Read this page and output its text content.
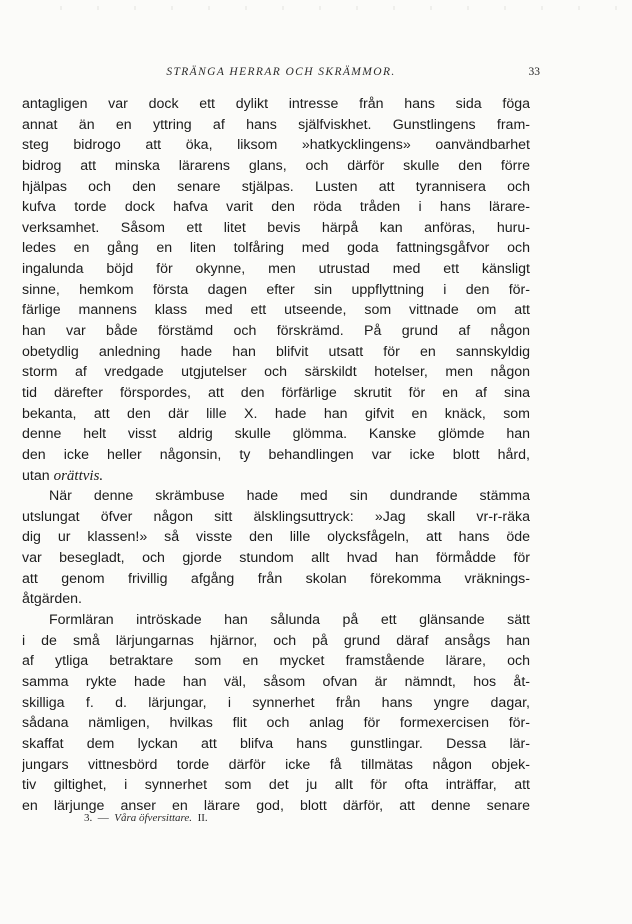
STRÄNGA HERRAR OCH SKRÄMMOR.	33
antagligen var dock ett dylikt intresse från hans sida föga
annat än en yttring af hans själfviskhet. Gunstlingens fram-
steg bidrogo att öka, liksom »hatkycklingens» oanvändbarhet
bidrog att minska lärarens glans, och därför skulle den förre
hjälpas och den senare stjälpas. Lusten att tyrannisera och
kufva torde dock hafva varit den röda tråden i hans lärare-
verksamhet. Såsom ett litet bevis härpå kan anföras, huru-
ledes en gång en liten tolfåring med goda fattningsgåfvor och
ingalunda böjd för okynne, men utrustad med ett känsligt
sinne, hemkom första dagen efter sin uppflyttning i den för-
färlige mannens klass med ett utseende, som vittnade om att
han var både förstämd och förskrämd. På grund af någon
obetydlig anledning hade han blifvit utsatt för en sannskyldig
storm af vredgade utgjutelser och särskildt hotelser, men någon
tid därefter förspordes, att den förfärlige skrutit för en af sina
bekanta, att den där lille X. hade han gifvit en knäck, som
denne helt visst aldrig skulle glömma. Kanske glömde han
den icke heller någonsin, ty behandlingen var icke blott hård,
utan orättvis.
När denne skrämbuse hade med sin dundrande stämma
utslungat öfver någon sitt älsklingsuttryck: »Jag skall vr-r-räka
dig ur klassen!» så visste den lille olycksfågeln, att hans öde
var besegladt, och gjorde stundom allt hvad han förmådde för
att genom frivillig afgång från skolan förekomma vräknings-
åtgärden.
Formläran intröskade han sålunda på ett glänsande sätt
i de små lärjungarnas hjärnor, och på grund däraf ansågs han
af ytliga betraktare som en mycket framstående lärare, och
samma rykte hade han väl, såsom ofvan är nämndt, hos åt-
skilliga f. d. lärjungar, i synnerhet från hans yngre dagar,
sådana nämligen, hvilkas flit och anlag för formexercisen för-
skaffat dem lyckan att blifva hans gunstlingar. Dessa lär-
jungars vittnesbörd torde därför icke få tillmätas någon objek-
tiv giltighet, i synnerhet som det ju allt för ofta inträffar, att
en lärjunge anser en lärare god, blott därför, att denne senare
3. — Våra öfversittare. II.
